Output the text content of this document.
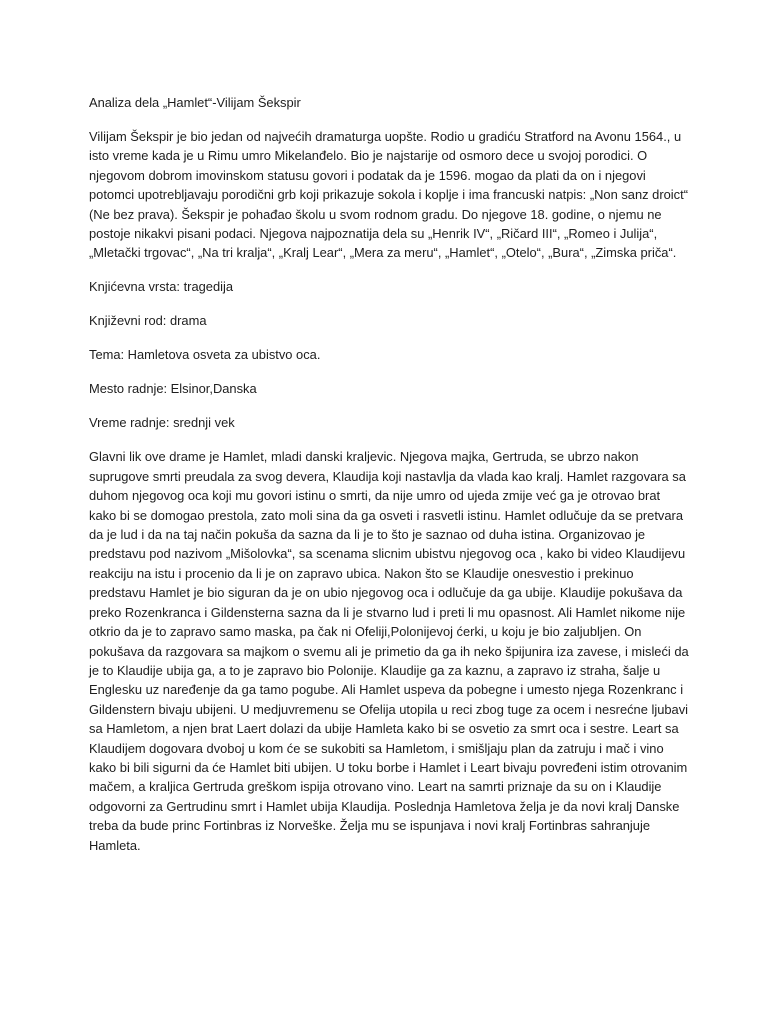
Analiza dela „Hamlet“-Vilijam Šekspir

Vilijam Šekspir je bio jedan od najvećih dramaturga uopšte. Rodio u gradiću Stratford na Avonu 1564., u isto vreme kada je u Rimu umro Mikelanđelo. Bio je najstarije od osmoro dece u svojoj porodici. O njegovom dobrom imovinskom statusu govori i podatak da je 1596. mogao da plati da on i njegovi potomci upotrebljavaju porodični grb koji prikazuje sokola i koplje i ima francuski natpis: „Non sanz droict“ (Ne bez prava). Šekspir je pohađao školu u svom rodnom gradu. Do njegove 18. godine, o njemu ne postoje nikakvi pisani podaci. Njegova najpoznatija dela su „Henrik IV“, „Ričard III“, „Romeo i Julija“, „Mletački trgovac“, „Na tri kralja“, „Kralj Lear“, „Mera za meru“, „Hamlet“, „Otelo“, „Bura“, „Zimska priča“.

Knjićevna vrsta: tragedija

Književni rod: drama

Tema: Hamletova osveta za ubistvo oca.

Mesto radnje: Elsinor,Danska

Vreme radnje: srednji vek

Glavni lik ove drame je Hamlet, mladi danski kraljevic. Njegova majka, Gertruda, se ubrzo nakon suprugove smrti preudala za svog devera, Klaudija koji nastavlja da vlada kao kralj. Hamlet razgovara sa duhom njegovog oca koji mu govori istinu o smrti, da nije umro od ujeda zmije već ga je otrovao brat kako bi se domogao prestola, zato moli sina da ga osveti i rasvetli istinu. Hamlet odlučuje da se pretvara da je lud i da na taj način pokuša da sazna da li je to što je saznao od duha istina. Organizovao je predstavu pod nazivom „Mišolovka“, sa scenama slicnim ubistvu njegovog oca , kako bi video Klaudijevu reakciju na istu i procenio da li je on zapravo ubica. Nakon što se Klaudije onesvestio i prekinuo predstavu Hamlet je bio siguran da je on ubio njegovog oca i odlučuje da ga ubije. Klaudije pokušava da preko Rozenkranca i Gildensterna sazna da li je stvarno lud i preti li mu opasnost. Ali Hamlet nikome nije otkrio da je to zapravo samo maska, pa čak ni Ofeliji,Polonijevoj ćerki, u koju je bio zaljubljen. On pokušava da razgovara sa majkom o svemu ali je primetio da ga ih neko špijunira iza zavese, i misleći da je to Klaudije ubija ga, a to je zapravo bio Polonije. Klaudije ga za kaznu, a zapravo iz straha, šalje u Englesku uz naređenje da ga tamo pogube. Ali Hamlet uspeva da pobegne i umesto njega Rozenkranc i Gildenstern bivaju ubijeni. U medjuvremenu se Ofelija utopila u reci zbog tuge za ocem i nesrećne ljubavi sa Hamletom, a njen brat Laert dolazi da ubije Hamleta kako bi se osvetio za smrt oca i sestre. Leart sa Klaudijem dogovara dvoboj u kom će se sukobiti sa Hamletom, i smišljaju plan da zatruju i mač i vino kako bi bili sigurni da će Hamlet biti ubijen. U toku borbe i Hamlet i Leart bivaju povređeni istim otrovanim mačem, a kraljica Gertruda greškom ispija otrovano vino. Leart na samrti priznaje da su on i Klaudije odgovorni za Gertrudinu smrt i Hamlet ubija Klaudija. Poslednja Hamletova želja je da novi kralj Danske treba da bude princ Fortinbras iz Norveške. Želja mu se ispunjava i novi kralj Fortinbras sahranjuje Hamleta.
